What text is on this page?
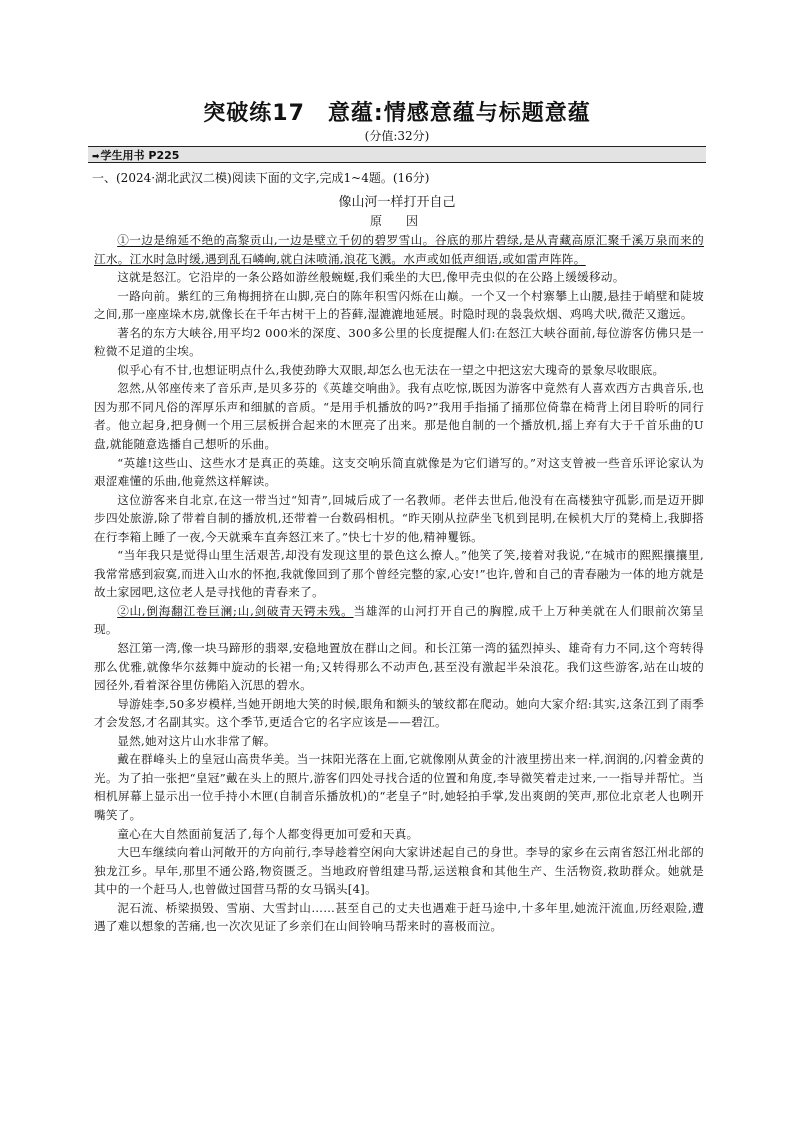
突破练17　意蕴:情感意蕴与标题意蕴
(分值:32分)
➡学生用书 P225
一、(2024·湖北武汉二模)阅读下面的文字,完成1~4题。(16分)
像山河一样打开自己
原　因

①一边是绵延不绝的高黎贡山,一边是壁立千仞的碧罗雪山。谷底的那片碧绿,是从青藏高原汇聚千溪万泉而来的江水。江水时急时缓,遇到乱石嶙峋,就白沫喷涌,浪花飞溅。水声或如低声细语,或如雷声阵阵。

这就是怒江。它沿岸的一条公路如游丝般蜿蜒,我们乘坐的大巴,像甲壳虫似的在公路上缓缓移动。

一路向前。紫红的三角梅拥挤在山脚,亮白的陈年积雪闪烁在山巅。一个又一个村寨攀上山腰,悬挂于峭壁和陡坡之间,那一座座垛木房,就像长在千年古树干上的苔藓,湿漉漉地延展。时隐时现的袅袅炊烟、鸡鸣犬吠,微茫又邈远。

著名的东方大峡谷,用平均2 000米的深度、300多公里的长度提醒人们:在怒江大峡谷面前,每位游客仿佛只是一粒微不足道的尘埃。

似乎心有不甘,也想证明点什么,我使劲睁大双眼,却怎么也无法在一望之中把这宏大瑰奇的景象尽收眼底。

忽然,从邻座传来了音乐声,是贝多芬的《英雄交响曲》。我有点吃惊,既因为游客中竟然有人喜欢西方古典音乐,也因为那不同凡俗的浑厚乐声和细腻的音质。“是用手机播放的吗?”我用手指捅了捅那位倚靠在椅背上闭目聆听的同行者。他立起身,把身侧一个用三层板拼合起来的木匣亮了出来。那是他自制的一个播放机,摇上弃有大于千首乐曲的U盘,就能随意选播自己想听的乐曲。

“英雄!这些山、这些水才是真正的英雄。这支交响乐简直就像是为它们谱写的。”对这支曾被一些音乐评论家认为艰涩难懂的乐曲,他竟然这样解读。

这位游客来自北京,在这一带当过“知青”,回城后成了一名教师。老伴去世后,他没有在高楼独守孤影,而是迈开脚步四处旅游,除了带着自制的播放机,还带着一台数码相机。“昨天刚从拉萨坐飞机到昆明,在候机大厅的凳椅上,我脚搭在行李箱上睡了一夜,今天就乘车直奔怒江来了。”快七十岁的他,精神矍铄。

“当年我只是觉得山里生活艰苦,却没有发现这里的景色这么撩人。”他笑了笑,接着对我说,“在城市的熙熙攘攘里,我常常感到寂寞,而进入山水的怀抱,我就像回到了那个曾经完整的家,心安!”也许,曾和自己的青春融为一体的地方就是故土家园吧,这位老人是寻找他的青春来了。

②山,倒海翻江卷巨澜;山,剑破青天锷未残。当雄浑的山河打开自己的胸膛,成千上万种美就在人们眼前次第呈现。

怒江第一湾,像一块马蹄形的翡翠,安稳地置放在群山之间。和长江第一湾的猛烈掉头、雄奇有力不同,这个弯转得那么优雅,就像华尔兹舞中旋动的长裙一角;又转得那么不动声色,甚至没有激起半朵浪花。我们这些游客,站在山坡的园径外,看着深谷里仿佛陷入沉思的碧水。

导游娃李,50多岁模样,当她开朗地大笑的时候,眼角和额头的皱纹都在爬动。她向大家介绍:其实,这条江到了雨季才会发怒,才名副其实。这个季节,更适合它的名字应该是——碧江。

显然,她对这片山水非常了解。

戴在群峰头上的皇冠山高贵华美。当一抹阳光落在上面,它就像刚从黄金的汁液里捞出来一样,润润的,闪着金黄的光。为了拍一张把“皇冠”戴在头上的照片,游客们四处寻找合适的位置和角度,李导微笑着走过来,一一指导并帮忙。当相机屏幕上显示出一位手持小木匣(自制音乐播放机)的“老皇子”时,她轻拍手掌,发出爽朗的笑声,那位北京老人也咧开嘴笑了。

童心在大自然面前复活了,每个人都变得更加可爱和天真。

大巴车继续向着山河敞开的方向前行,李导趁着空闲向大家讲述起自己的身世。李导的家乡在云南省怒江州北部的独龙江乡。早年,那里不通公路,物资匮乏。当地政府曾组建马帮,运送粮食和其他生产、生活物资,救助群众。她就是其中的一个赶马人,也曾做过国营马帮的女马锅头[4]。

泥石流、桥梁损毁、雪崩、大雪封山……甚至自己的丈夫也遇难于赶马途中,十多年里,她流汗流血,历经艰险,遭遇了难以想象的苦痛,也一次次见证了乡亲们在山间铃响马帮来时的喜极而泣。
